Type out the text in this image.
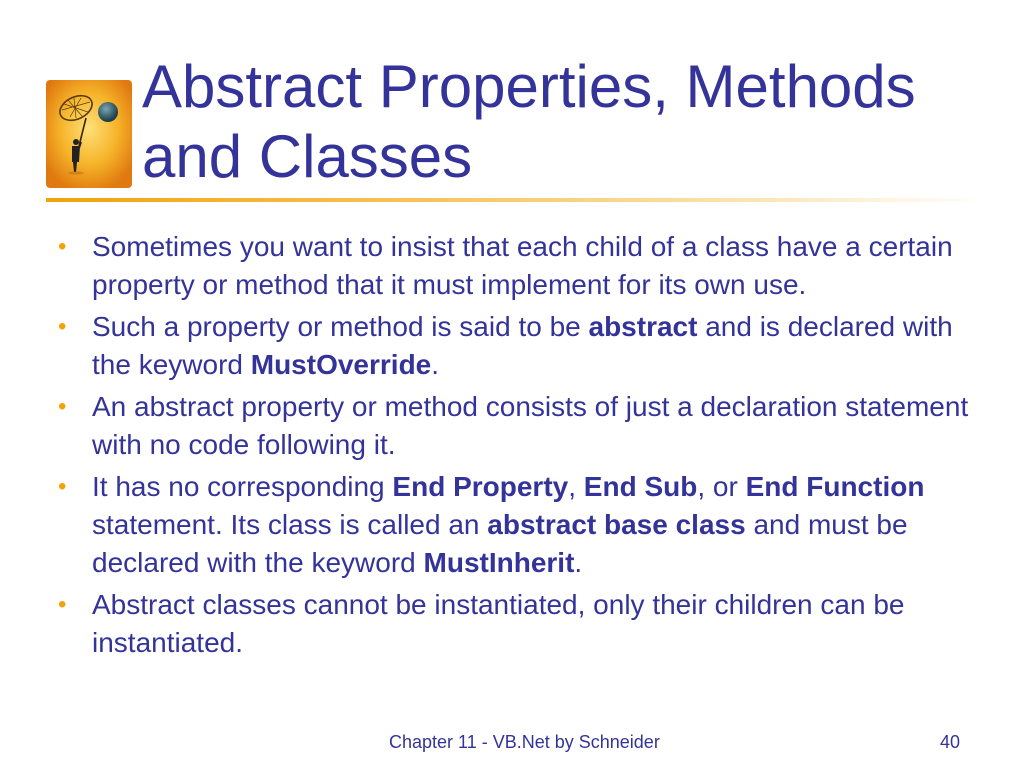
Abstract Properties, Methods
and Classes
• Sometimes you want to insist that each child of a class have a certain property or method that it must implement for its own use.
• Such a property or method is said to be abstract and is declared with the keyword MustOverride.
• An abstract property or method consists of just a declaration statement with no code following it.
• It has no corresponding End Property, End Sub, or End Function statement. Its class is called an abstract base class and must be declared with the keyword MustInherit.
• Abstract classes cannot be instantiated, only their children can be instantiated.
Chapter 11 - VB.Net by Schneider	40
